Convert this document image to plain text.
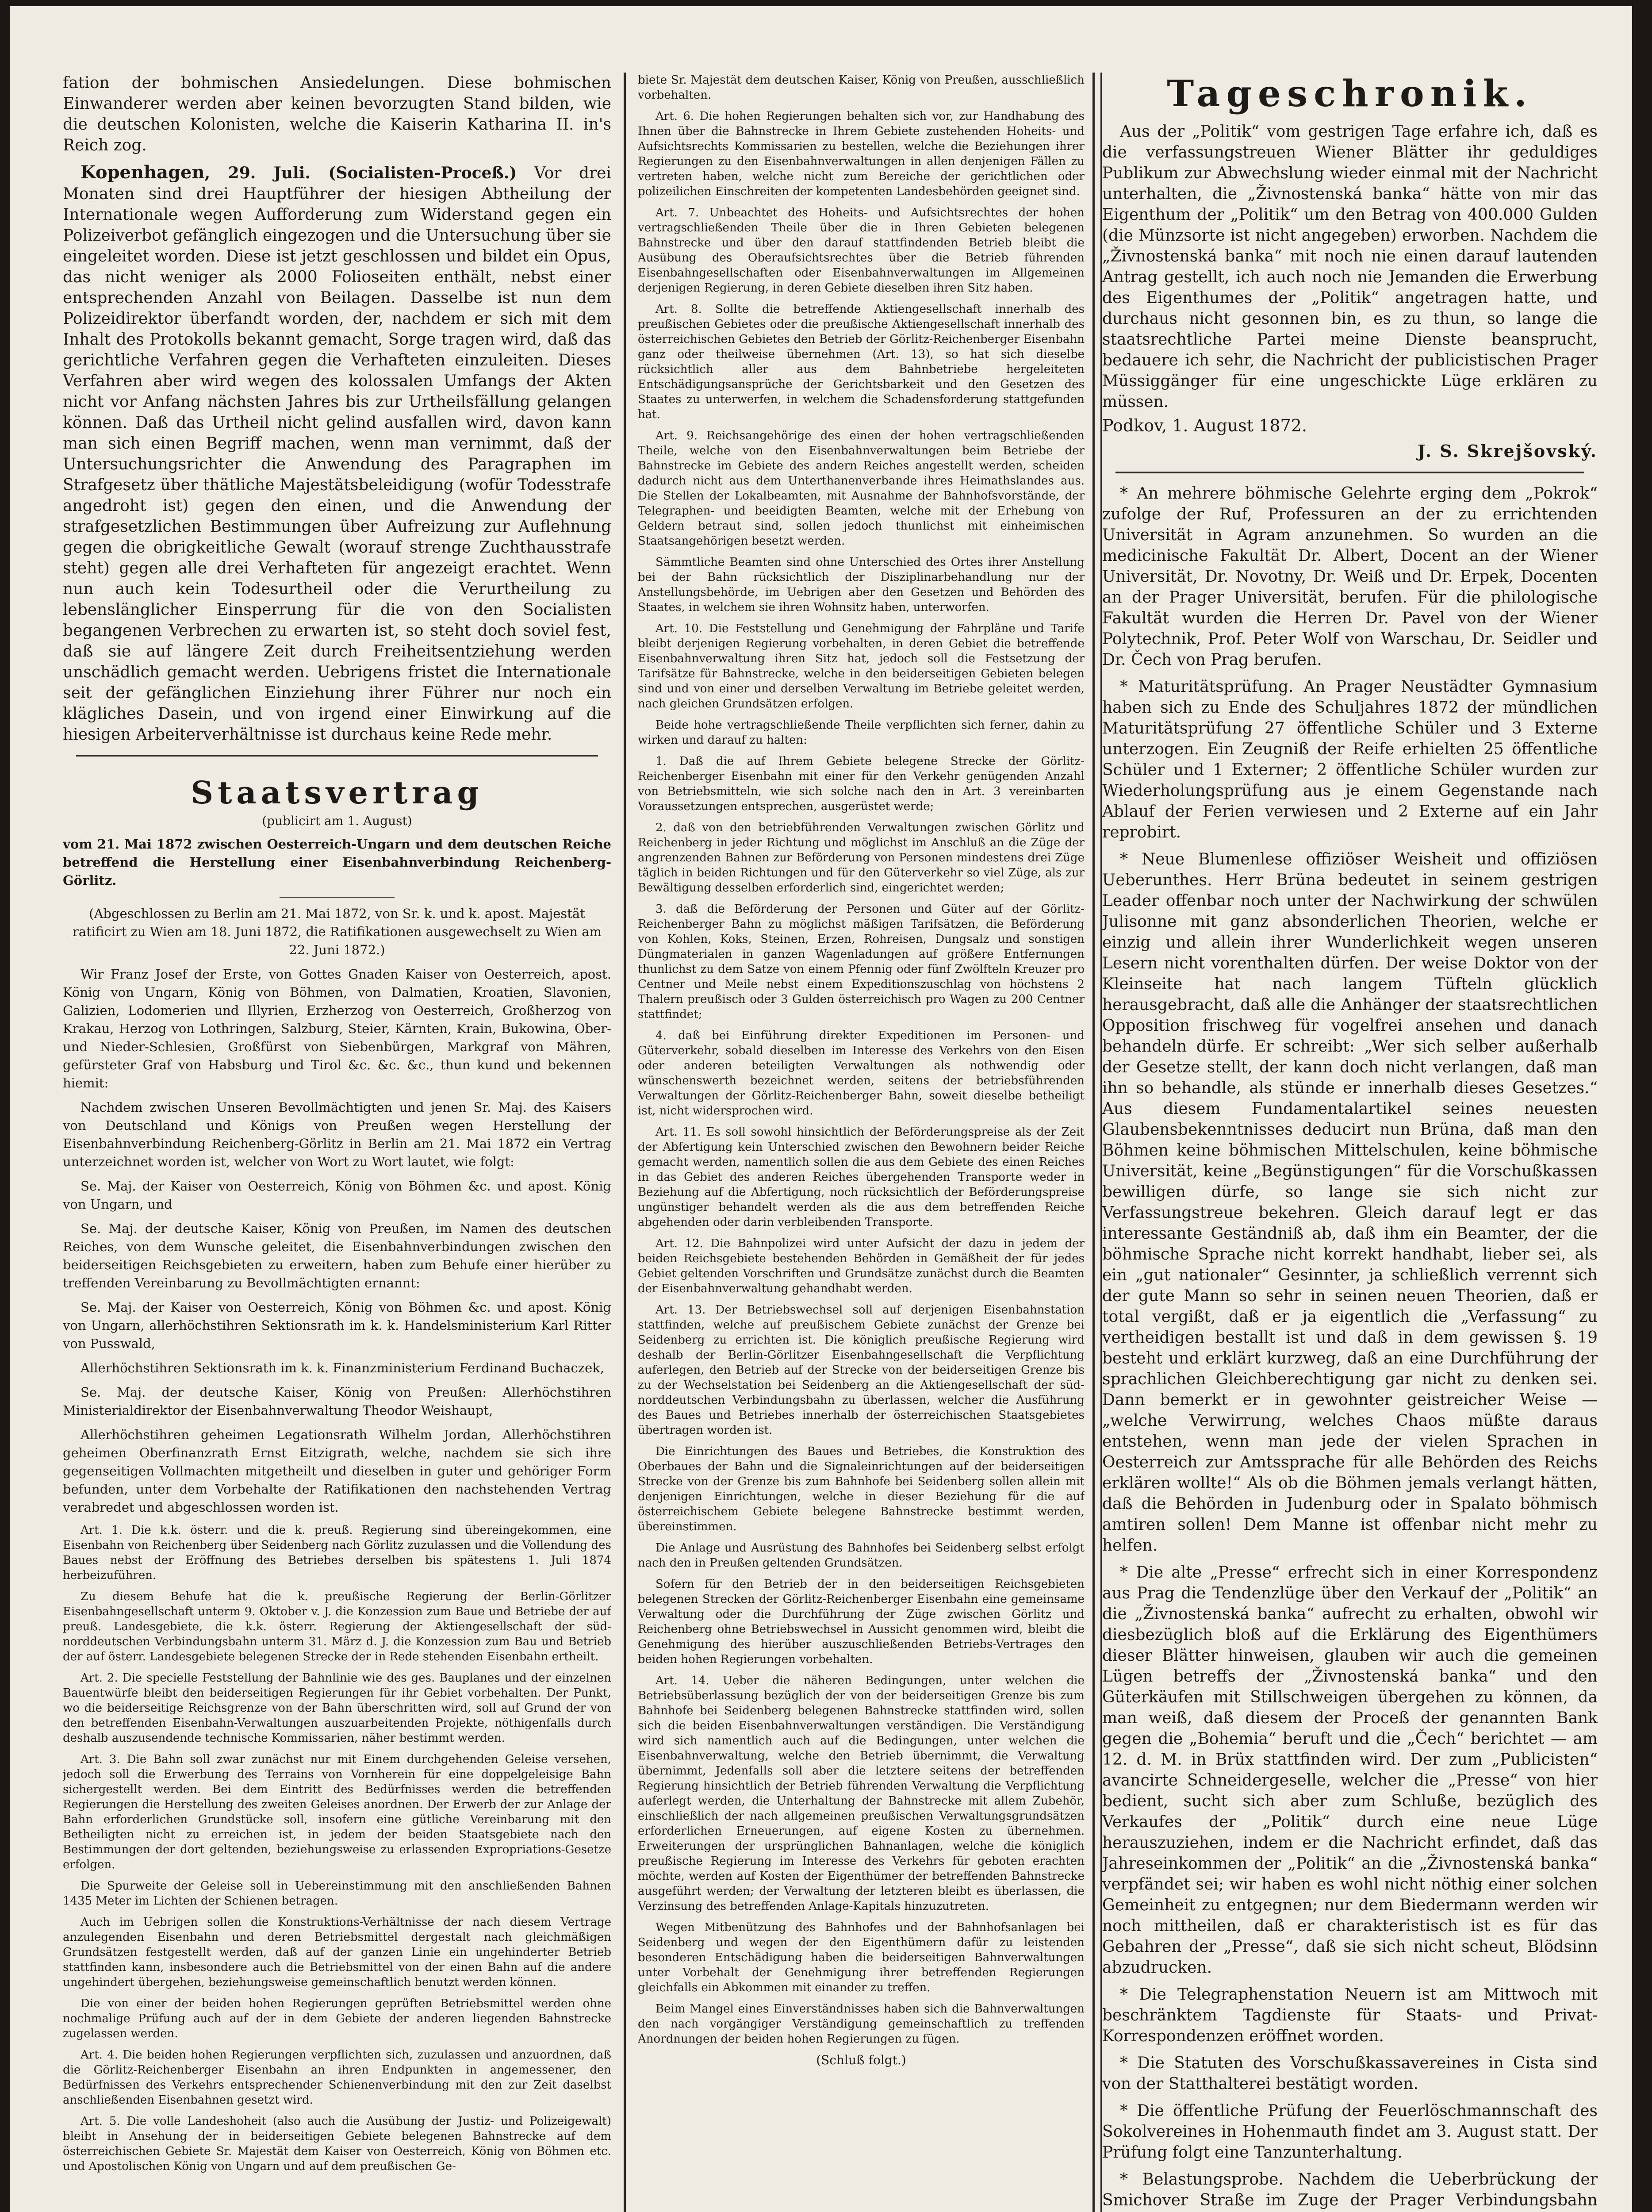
fation der bohmischen Ansiedelungen. Diese bohmischen Einwanderer werden aber keinen bevorzugten Stand bilden, wie die deutschen Kolonisten, welche die Kaiserin Katharina II. in's Reich zog.

Kopenhagen, 29. Juli. (Socialisten-Proceß.) Vor drei Monaten sind drei Hauptführer der hiesigen Abtheilung der Internationale wegen Aufforderung zum Widerstand gegen ein Polizeiverbot gefänglich eingezogen und die Untersuchung über sie eingeleitet worden. Diese ist jetzt geschlossen und bildet ein Opus, das nicht weniger als 2000 Folioseiten enthält, nebst einer entsprechenden Anzahl von Beilagen. Dasselbe ist nun dem Polizeidirektor überfandt worden, der, nachdem er sich mit dem Inhalt des Protokolls bekannt gemacht, Sorge tragen wird, daß das gerichtliche Verfahren gegen die Verhafteten einzuleiten. Dieses Verfahren aber wird wegen des kolossalen Umfangs der Akten nicht vor Anfang nächsten Jahres bis zur Urtheilsfällung gelangen können. Daß das Urtheil nicht gelind ausfallen wird, davon kann man sich einen Begriff machen, wenn man vernimmt, daß der Untersuchungsrichter die Anwendung des Paragraphen im Strafgesetz über thätliche Majestätsbeleidigung (wofür Todesstrafe angedroht ist) gegen den einen, und die Anwendung der strafgesetzlichen Bestimmungen über Aufreizung zur Auflehnung gegen die obrigkeitliche Gewalt (worauf strenge Zuchthausstrafe steht) gegen alle drei Verhafteten für angezeigt erachtet. Wenn nun auch kein Todesurtheil oder die Verurtheilung zu lebenslänglicher Einsperrung für die von den Socialisten begangenen Verbrechen zu erwarten ist, so steht doch soviel fest, daß sie auf längere Zeit durch Freiheitsentziehung werden unschädlich gemacht werden. Uebrigens fristet die Internationale seit der gefänglichen Einziehung ihrer Führer nur noch ein klägliches Dasein, und von irgend einer Einwirkung auf die hiesigen Arbeiterverhältnisse ist durchaus keine Rede mehr.

Staatsvertrag
(publicirt am 1. August)

vom 21. Mai 1872 zwischen Oesterreich-Ungarn und dem deutschen Reiche betreffend die Herstellung einer Eisenbahnverbindung Reichenberg-Görlitz.

(Abgeschlossen zu Berlin am 21. Mai 1872, von Sr. k. und k. apost. Majestät ratificirt zu Wien am 18. Juni 1872, die Ratifikationen ausgewechselt zu Wien am 22. Juni 1872.)

Wir Franz Josef der Erste, von Gottes Gnaden Kaiser von Oesterreich, apost. König von Ungarn, König von Böhmen, von Dalmatien, Kroatien, Slavonien, Galizien, Lodomerien und Illyrien, Erzherzog von Oesterreich, Großherzog von Krakau, Herzog von Lothringen, Salzburg, Steier, Kärnten, Krain, Bukowina, Ober- und Nieder-Schlesien, Großfürst von Siebenbürgen, Markgraf von Mähren, gefürsteter Graf von Habsburg und Tirol &c. &c. &c., thun kund und bekennen hiemit:

Nachdem zwischen Unseren Bevollmächtigten und jenen Sr. Maj. des Kaisers von Deutschland und Königs von Preußen wegen Herstellung der Eisenbahnverbindung Reichenberg-Görlitz in Berlin am 21. Mai 1872 ein Vertrag unterzeichnet worden ist, welcher von Wort zu Wort lautet, wie folgt:

Se. Maj. der Kaiser von Oesterreich, König von Böhmen &c. und apost. König von Ungarn, und

Se. Maj. der deutsche Kaiser, König von Preußen, im Namen des deutschen Reiches, von dem Wunsche geleitet, die Eisenbahnverbindungen zwischen den beiderseitigen Reichsgebieten zu erweitern, haben zum Behufe einer hierüber zu treffenden Vereinbarung zu Bevollmächtigten ernannt:

Se. Maj. der Kaiser von Oesterreich, König von Böhmen &c. und apost. König von Ungarn, allerhöchstihren Sektionsrath im k. k. Handelsministerium Karl Ritter von Pusswald,

Allerhöchstihren Sektionsrath im k. k. Finanzministerium Ferdinand Buchaczek,

Se. Maj. der deutsche Kaiser, König von Preußen: Allerhöchstihren Ministerialdirektor der Eisenbahnverwaltung Theodor Weishaupt,

Allerhöchstihren geheimen Legationsrath Wilhelm Jordan, Allerhöchstihren geheimen Oberfinanzrath Ernst Eitzigrath, welche, nachdem sie sich ihre gegenseitigen Vollmachten mitgetheilt und dieselben in guter und gehöriger Form befunden, unter dem Vorbehalte der Ratifikationen den nachstehenden Vertrag verabredet und abgeschlossen worden ist.

Art. 1. Die k.k. österr. und die k. preuß. Regierung sind übereingekommen, eine Eisenbahn von Reichenberg über Seidenberg nach Görlitz zuzulassen und die Vollendung des Baues nebst der Eröffnung des Betriebes derselben bis spätestens 1. Juli 1874 herbeizuführen.

Zu diesem Behufe hat die k. preußische Regierung der Berlin-Görlitzer Eisenbahngesellschaft unterm 9. Oktober v. J. die Konzession zum Baue und Betriebe der auf preuß. Landesgebiete, die k.k. österr. Regierung der Aktiengesellschaft der süd-norddeutschen Verbindungsbahn unterm 31. März d. J. die Konzession zum Bau und Betrieb der auf österr. Landesgebiete belegenen Strecke der in Rede stehenden Eisenbahn ertheilt.

Art. 2. Die specielle Feststellung der Bahnlinie wie des ges. Bauplanes und der einzelnen Bauentwürfe bleibt den beiderseitigen Regierungen für ihr Gebiet vorbehalten. Der Punkt, wo die beiderseitige Reichsgrenze von der Bahn überschritten wird, soll auf Grund der von den betreffenden Eisenbahn-Verwaltungen auszuarbeitenden Projekte, nöthigenfalls durch deshalb auszusendende technische Kommissarien, näher bestimmt werden.

Art. 3. Die Bahn soll zwar zunächst nur mit Einem durchgehenden Geleise versehen, jedoch soll die Erwerbung des Terrains von Vornherein für eine doppelgeleisige Bahn sichergestellt werden. Bei dem Eintritt des Bedürfnisses werden die betreffenden Regierungen die Herstellung des zweiten Geleises anordnen. Der Erwerb der zur Anlage der Bahn erforderlichen Grundstücke soll, insofern eine gütliche Vereinbarung mit den Betheiligten nicht zu erreichen ist, in jedem der beiden Staatsgebiete nach den Bestimmungen der dort geltenden, beziehungsweise zu erlassenden Expropriations-Gesetze erfolgen.

Die Spurweite der Geleise soll in Uebereinstimmung mit den anschließenden Bahnen 1435 Meter im Lichten der Schienen betragen.

Auch im Uebrigen sollen die Konstruktions-Verhältnisse der nach diesem Vertrage anzulegenden Eisenbahn und deren Betriebsmittel dergestalt nach gleichmäßigen Grundsätzen festgestellt werden, daß auf der ganzen Linie ein ungehinderter Betrieb stattfinden kann, insbesondere auch die Betriebsmittel von der einen Bahn auf die andere ungehindert übergehen, beziehungsweise gemeinschaftlich benutzt werden können.

Die von einer der beiden hohen Regierungen geprüften Betriebsmittel werden ohne nochmalige Prüfung auch auf der in dem Gebiete der anderen liegenden Bahnstrecke zugelassen werden.

Art. 4. Die beiden hohen Regierungen verpflichten sich, zuzulassen und anzuordnen, daß die Görlitz-Reichenberger Eisenbahn an ihren Endpunkten in angemessener, den Bedürfnissen des Verkehrs entsprechender Schienenverbindung mit den zur Zeit daselbst anschließenden Eisenbahnen gesetzt wird.

Art. 5. Die volle Landeshoheit (also auch die Ausübung der Justiz- und Polizeigewalt) bleibt in Ansehung der in beiderseitigen Gebiete belegenen Bahnstrecke auf dem österreichischen Gebiete Sr. Majestät dem Kaiser von Oesterreich, König von Böhmen etc. und Apostolischen König von Ungarn und auf dem preußischen Ge-

biete Sr. Majestät dem deutschen Kaiser, König von Preußen, ausschließlich vorbehalten.

Art. 6. Die hohen Regierungen behalten sich vor, zur Handhabung des Ihnen über die Bahnstrecke in Ihrem Gebiete zustehenden Hoheits- und Aufsichtsrechts Kommissarien zu bestellen, welche die Beziehungen ihrer Regierungen zu den Eisenbahnverwaltungen in allen denjenigen Fällen zu vertreten haben, welche nicht zum Bereiche der gerichtlichen oder polizeilichen Einschreiten der kompetenten Landesbehörden geeignet sind.

Art. 7. Unbeachtet des Hoheits- und Aufsichtsrechtes der hohen vertragschließenden Theile über die in Ihren Gebieten belegenen Bahnstrecke und über den darauf stattfindenden Betrieb bleibt die Ausübung des Oberaufsichtsrechtes über die Betrieb führenden Eisenbahngesellschaften oder Eisenbahnverwaltungen im Allgemeinen derjenigen Regierung, in deren Gebiete dieselben ihren Sitz haben.

Art. 8. Sollte die betreffende Aktiengesellschaft innerhalb des preußischen Gebietes oder die preußische Aktiengesellschaft innerhalb des österreichischen Gebietes den Betrieb der Görlitz-Reichenberger Eisenbahn ganz oder theilweise übernehmen (Art. 13), so hat sich dieselbe rücksichtlich aller aus dem Bahnbetriebe hergeleiteten Entschädigungsansprüche der Gerichtsbarkeit und den Gesetzen des Staates zu unterwerfen, in welchem die Schadensforderung stattgefunden hat.

Art. 9. Reichsangehörige des einen der hohen vertragschließenden Theile, welche von den Eisenbahnverwaltungen beim Betriebe der Bahnstrecke im Gebiete des andern Reiches angestellt werden, scheiden dadurch nicht aus dem Unterthanenverbande ihres Heimathslandes aus. Die Stellen der Lokalbeamten, mit Ausnahme der Bahnhofsvorstände, der Telegraphen- und beeidigten Beamten, welche mit der Erhebung von Geldern betraut sind, sollen jedoch thunlichst mit einheimischen Staatsangehörigen besetzt werden.

Sämmtliche Beamten sind ohne Unterschied des Ortes ihrer Anstellung bei der Bahn rücksichtlich der Disziplinarbehandlung nur der Anstellungsbehörde, im Uebrigen aber den Gesetzen und Behörden des Staates, in welchem sie ihren Wohnsitz haben, unterworfen.

Art. 10. Die Feststellung und Genehmigung der Fahrpläne und Tarife bleibt derjenigen Regierung vorbehalten, in deren Gebiet die betreffende Eisenbahnverwaltung ihren Sitz hat, jedoch soll die Festsetzung der Tarifsätze für Bahnstrecke, welche in den beiderseitigen Gebieten belegen sind und von einer und derselben Verwaltung im Betriebe geleitet werden, nach gleichen Grundsätzen erfolgen.

Beide hohe vertragschließende Theile verpflichten sich ferner, dahin zu wirken und darauf zu halten:

1. Daß die auf Ihrem Gebiete belegene Strecke der Görlitz-Reichenberger Eisenbahn mit einer für den Verkehr genügenden Anzahl von Betriebsmitteln, wie sich solche nach den in Art. 3 vereinbarten Voraussetzungen entsprechen, ausgerüstet werde;

2. daß von den betriebführenden Verwaltungen zwischen Görlitz und Reichenberg in jeder Richtung und möglichst im Anschluß an die Züge der angrenzenden Bahnen zur Beförderung von Personen mindestens drei Züge täglich in beiden Richtungen und für den Güterverkehr so viel Züge, als zur Bewältigung desselben erforderlich sind, eingerichtet werden;

3. daß die Beförderung der Personen und Güter auf der Görlitz-Reichenberger Bahn zu möglichst mäßigen Tarifsätzen, die Beförderung von Kohlen, Koks, Steinen, Erzen, Rohreisen, Dungsalz und sonstigen Düngmaterialen in ganzen Wagenladungen auf größere Entfernungen thunlichst zu dem Satze von einem Pfennig oder fünf Zwölfteln Kreuzer pro Centner und Meile nebst einem Expeditionszuschlag von höchstens 2 Thalern preußisch oder 3 Gulden österreichisch pro Wagen zu 200 Centner stattfindet;

4. daß bei Einführung direkter Expeditionen im Personen- und Güterverkehr, sobald dieselben im Interesse des Verkehrs von den Eisen oder anderen beteiligten Verwaltungen als nothwendig oder wünschenswerth bezeichnet werden, seitens der betriebsführenden Verwaltungen der Görlitz-Reichenberger Bahn, soweit dieselbe betheiligt ist, nicht widersprochen wird.

Art. 11. Es soll sowohl hinsichtlich der Beförderungspreise als der Zeit der Abfertigung kein Unterschied zwischen den Bewohnern beider Reiche gemacht werden, namentlich sollen die aus dem Gebiete des einen Reiches in das Gebiet des anderen Reiches übergehenden Transporte weder in Beziehung auf die Abfertigung, noch rücksichtlich der Beförderungspreise ungünstiger behandelt werden als die aus dem betreffenden Reiche abgehenden oder darin verbleibenden Transporte.

Art. 12. Die Bahnpolizei wird unter Aufsicht der dazu in jedem der beiden Reichsgebiete bestehenden Behörden in Gemäßheit der für jedes Gebiet geltenden Vorschriften und Grundsätze zunächst durch die Beamten der Eisenbahnverwaltung gehandhabt werden.

Art. 13. Der Betriebswechsel soll auf derjenigen Eisenbahnstation stattfinden, welche auf preußischem Gebiete zunächst der Grenze bei Seidenberg zu errichten ist. Die königlich preußische Regierung wird deshalb der Berlin-Görlitzer Eisenbahngesellschaft die Verpflichtung auferlegen, den Betrieb auf der Strecke von der beiderseitigen Grenze bis zu der Wechselstation bei Seidenberg an die Aktiengesellschaft der süd-norddeutschen Verbindungsbahn zu überlassen, welcher die Ausführung des Baues und Betriebes innerhalb der österreichischen Staatsgebietes übertragen worden ist.

Die Einrichtungen des Baues und Betriebes, die Konstruktion des Oberbaues der Bahn und die Signaleinrichtungen auf der beiderseitigen Strecke von der Grenze bis zum Bahnhofe bei Seidenberg sollen allein mit denjenigen Einrichtungen, welche in dieser Beziehung für die auf österreichischem Gebiete belegene Bahnstrecke bestimmt werden, übereinstimmen.

Die Anlage und Ausrüstung des Bahnhofes bei Seidenberg selbst erfolgt nach den in Preußen geltenden Grundsätzen.

Sofern für den Betrieb der in den beiderseitigen Reichsgebieten belegenen Strecken der Görlitz-Reichenberger Eisenbahn eine gemeinsame Verwaltung oder die Durchführung der Züge zwischen Görlitz und Reichenberg ohne Betriebswechsel in Aussicht genommen wird, bleibt die Genehmigung des hierüber auszuschließenden Betriebs-Vertrages den beiden hohen Regierungen vorbehalten.

Art. 14. Ueber die näheren Bedingungen, unter welchen die Betriebsüberlassung bezüglich der von der beiderseitigen Grenze bis zum Bahnhofe bei Seidenberg belegenen Bahnstrecke stattfinden wird, sollen sich die beiden Eisenbahnverwaltungen verständigen. Die Verständigung wird sich namentlich auch auf die Bedingungen, unter welchen die Eisenbahnverwaltung, welche den Betrieb übernimmt, die Verwaltung übernimmt, Jedenfalls soll aber die letztere seitens der betreffenden Regierung hinsichtlich der Betrieb führenden Verwaltung die Verpflichtung auferlegt werden, die Unterhaltung der Bahnstrecke mit allem Zubehör, einschließlich der nach allgemeinen preußischen Verwaltungsgrundsätzen erforderlichen Erneuerungen, auf eigene Kosten zu übernehmen. Erweiterungen der ursprünglichen Bahnanlagen, welche die königlich preußische Regierung im Interesse des Verkehrs für geboten erachten möchte, werden auf Kosten der Eigenthümer der betreffenden Bahnstrecke ausgeführt werden; der Verwaltung der letzteren bleibt es überlassen, die Verzinsung des betreffenden Anlage-Kapitals hinzuzutreten.

Wegen Mitbenützung des Bahnhofes und der Bahnhofsanlagen bei Seidenberg und wegen der den Eigenthümern dafür zu leistenden besonderen Entschädigung haben die beiderseitigen Bahnverwaltungen unter Vorbehalt der Genehmigung ihrer betreffenden Regierungen gleichfalls ein Abkommen mit einander zu treffen.

Beim Mangel eines Einverständnisses haben sich die Bahnverwaltungen den nach vorgängiger Verständigung gemeinschaftlich zu treffenden Anordnungen der beiden hohen Regierungen zu fügen.

(Schluß folgt.)
Tageschronik.

Aus der „Politik“ vom gestrigen Tage erfahre ich, daß es die verfassungstreuen Wiener Blätter ihr geduldiges Publikum zur Abwechslung wieder einmal mit der Nachricht unterhalten, die „Živnostenská banka“ hätte von mir das Eigenthum der „Politik“ um den Betrag von 400.000 Gulden (die Münzsorte ist nicht angegeben) erworben. Nachdem die „Živnostenská banka“ mit noch nie einen darauf lautenden Antrag gestellt, ich auch noch nie Jemanden die Erwerbung des Eigenthumes der „Politik“ angetragen hatte, und durchaus nicht gesonnen bin, es zu thun, so lange die staatsrechtliche Partei meine Dienste beansprucht, bedauere ich sehr, die Nachricht der publicistischen Prager Müssiggänger für eine ungeschickte Lüge erklären zu müssen.

Podkov, 1. August 1872.
J. S. Skrejšovský.

* An mehrere böhmische Gelehrte erging dem „Pokrok“ zufolge der Ruf, Professuren an der zu errichtenden Universität in Agram anzunehmen. So wurden an die medicinische Fakultät Dr. Albert, Docent an der Wiener Universität, Dr. Novotny, Dr. Weiß und Dr. Erpek, Docenten an der Prager Universität, berufen. Für die philologische Fakultät wurden die Herren Dr. Pavel von der Wiener Polytechnik, Prof. Peter Wolf von Warschau, Dr. Seidler und Dr. Čech von Prag berufen.

* Maturitätsprüfung. An Prager Neustädter Gymnasium haben sich zu Ende des Schuljahres 1872 der mündlichen Maturitätsprüfung 27 öffentliche Schüler und 3 Externe unterzogen. Ein Zeugniß der Reife erhielten 25 öffentliche Schüler und 1 Externer; 2 öffentliche Schüler wurden zur Wiederholungsprüfung aus je einem Gegenstande nach Ablauf der Ferien verwiesen und 2 Externe auf ein Jahr reprobirt.

* Neue Blumenlese offiziöser Weisheit und offiziösen Ueberunthes. Herr Brüna bedeutet in seinem gestrigen Leader offenbar noch unter der Nachwirkung der schwülen Julisonne mit ganz absonderlichen Theorien, welche er einzig und allein ihrer Wunderlichkeit wegen unseren Lesern nicht vorenthalten dürfen. Der weise Doktor von der Kleinseite hat nach langem Tüfteln glücklich herausgebracht, daß alle die Anhänger der staatsrechtlichen Opposition frischweg für vogelfrei ansehen und danach behandeln dürfe. Er schreibt: „Wer sich selber außerhalb der Gesetze stellt, der kann doch nicht verlangen, daß man ihn so behandle, als stünde er innerhalb dieses Gesetzes.“ Aus diesem Fundamentalartikel seines neuesten Glaubensbekenntnisses deducirt nun Brüna, daß man den Böhmen keine böhmischen Mittelschulen, keine böhmische Universität, keine „Begünstigungen“ für die Vorschußkassen bewilligen dürfe, so lange sie sich nicht zur Verfassungstreue bekehren. Gleich darauf legt er das interessante Geständniß ab, daß ihm ein Beamter, der die böhmische Sprache nicht korrekt handhabt, lieber sei, als ein „gut nationaler“ Gesinnter, ja schließlich verrennt sich der gute Mann so sehr in seinen neuen Theorien, daß er total vergißt, daß er ja eigentlich die „Verfassung“ zu vertheidigen bestallt ist und daß in dem gewissen §. 19 besteht und erklärt kurzweg, daß an eine Durchführung der sprachlichen Gleichberechtigung gar nicht zu denken sei. Dann bemerkt er in gewohnter geistreicher Weise — „welche Verwirrung, welches Chaos müßte daraus entstehen, wenn man jede der vielen Sprachen in Oesterreich zur Amtssprache für alle Behörden des Reichs erklären wollte!“ Als ob die Böhmen jemals verlangt hätten, daß die Behörden in Judenburg oder in Spalato böhmisch amtiren sollen! Dem Manne ist offenbar nicht mehr zu helfen.

* Die alte „Presse“ erfrecht sich in einer Korrespondenz aus Prag die Tendenzlüge über den Verkauf der „Politik“ an die „Živnostenská banka“ aufrecht zu erhalten, obwohl wir diesbezüglich bloß auf die Erklärung des Eigenthümers dieser Blätter hinweisen, glauben wir auch die gemeinen Lügen betreffs der „Živnostenská banka“ und den Güterkäufen mit Stillschweigen übergehen zu können, da man weiß, daß diesem der Proceß der genannten Bank gegen die „Bohemia“ beruft und die „Čech“ berichtet — am 12. d. M. in Brüx stattfinden wird. Der zum „Publicisten“ avancirte Schneidergeselle, welcher die „Presse“ von hier bedient, sucht sich aber zum Schluße, bezüglich des Verkaufes der „Politik“ durch eine neue Lüge herauszuziehen, indem er die Nachricht erfindet, daß das Jahreseinkommen der „Politik“ an die „Živnostenská banka“ verpfändet sei; wir haben es wohl nicht nöthig einer solchen Gemeinheit zu entgegnen; nur dem Biedermann werden wir noch mittheilen, daß er charakteristisch ist es für das Gebahren der „Presse“, daß sie sich nicht scheut, Blödsinn abzudrucken.

* Die Telegraphenstation Neuern ist am Mittwoch mit beschränktem Tagdienste für Staats- und Privat-Korrespondenzen eröffnet worden.

* Die Statuten des Vorschußkassavereines in Cista sind von der Statthalterei bestätigt worden.

* Die öffentliche Prüfung der Feuerlöschmannschaft des Sokolvereines in Hohenmauth findet am 3. August statt. Der Prüfung folgt eine Tanzunterhaltung.

* Belastungsprobe. Nachdem die Ueberbrückung der Smichover Straße im Zuge der Prager Verbindungsbahn
